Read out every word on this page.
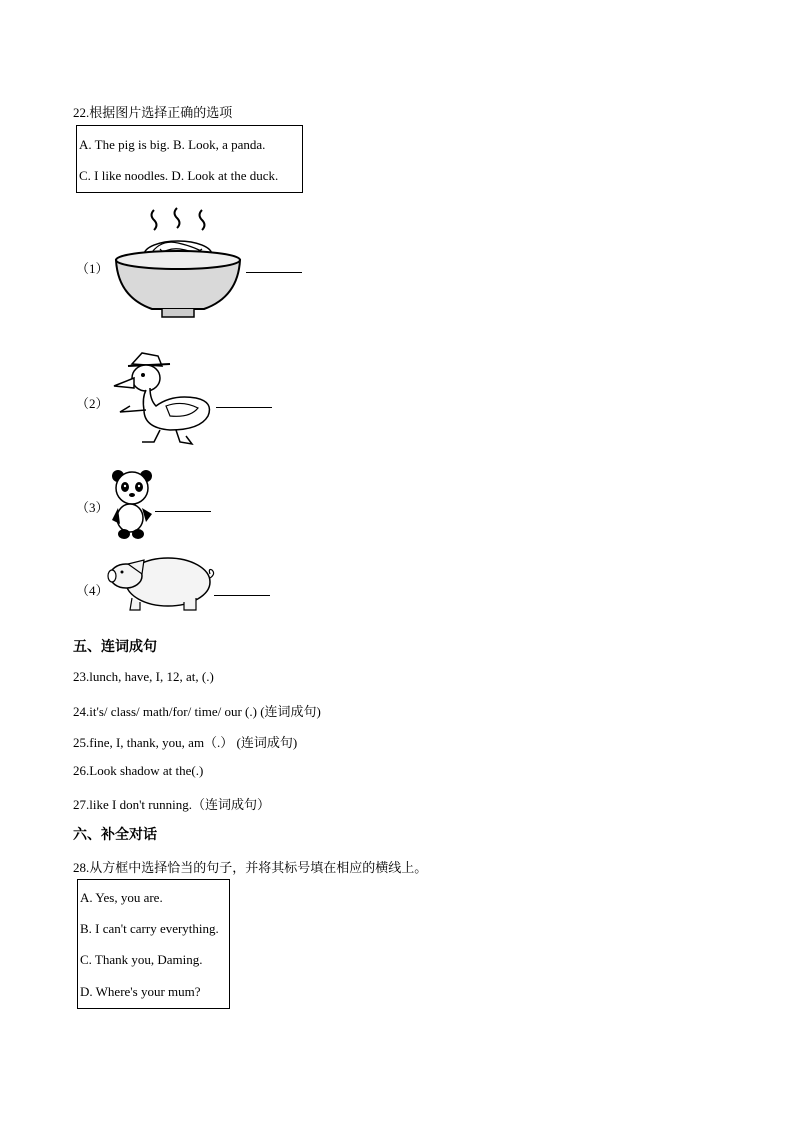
22.根据图片选择正确的选项
A. The pig is big. B. Look, a panda.
C. I like noodles. D. Look at the duck.
（1）
（2）
（3）
（4）
五、连词成句
23.lunch, have, I, 12, at, (.)
24.it's/ class/ math/for/ time/ our (.) (连词成句)
25.fine, I, thank, you, am（.） (连词成句)
26.Look shadow at the(.)
27.like I don't running.（连词成句）
六、补全对话
28.从方框中选择恰当的句子，并将其标号填在相应的横线上。
A. Yes, you are.
B. I can't carry everything.
C. Thank you, Daming.
D. Where's your mum?
